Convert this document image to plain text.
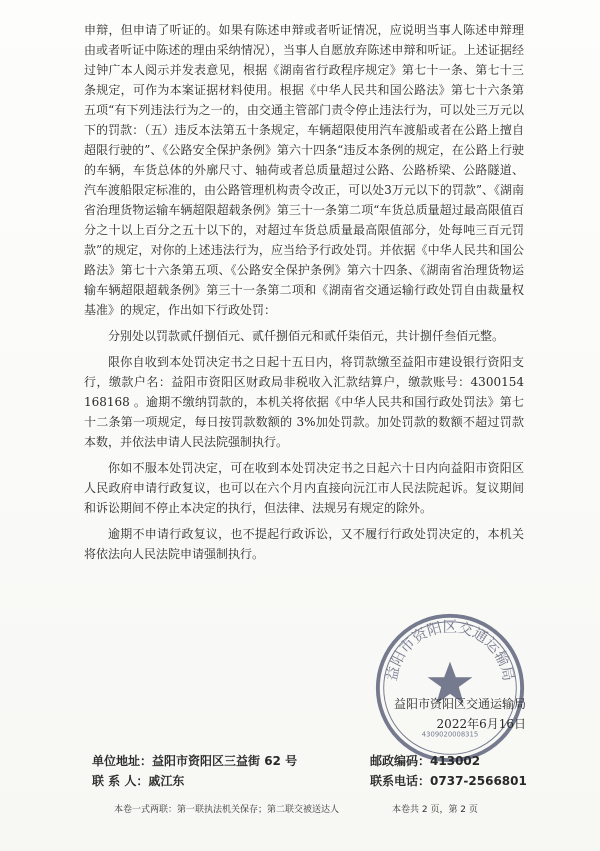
申辩，但申请了听证的。如果有陈述申辩或者听证情况，应说明当事人陈述申辩理由或者听证中陈述的理由采纳情况），当事人自愿放弃陈述申辩和听证。上述证据经过钟广本人阅示并发表意见，根据《湖南省行政程序规定》第七十一条、第七十三条规定，可作为本案证据材料使用。根据《中华人民共和国公路法》第七十六条第五项“有下列违法行为之一的，由交通主管部门责令停止违法行为，可以处三万元以下的罚款：（五）违反本法第五十条规定，车辆超限使用汽车渡船或者在公路上擅自超限行驶的”、《公路安全保护条例》第六十四条“违反本条例的规定，在公路上行驶的车辆，车货总体的外廓尺寸、轴荷或者总质量超过公路、公路桥梁、公路隧道、汽车渡船限定标准的，由公路管理机构责令改正，可以处3万元以下的罚款”、《湖南省治理货物运输车辆超限超载条例》第三十一条第二项“车货总质量超过最高限值百分之十以上百分之五十以下的，对超过车货总质量最高限值部分，处每吨三百元罚款”的规定，对你的上述违法行为，应当给予行政处罚。并依据《中华人民共和国公路法》第七十六条第五项、《公路安全保护条例》第六十四条、《湖南省治理货物运输车辆超限超载条例》第三十一条第二项和《湖南省交通运输行政处罚自由裁量权基准》的规定，作出如下行政处罚：

分别处以罚款贰仟捌佰元、贰仟捌佰元和贰仟柒佰元，共计捌仟叁佰元整。

限你自收到本处罚决定书之日起十五日内，将罚款缴至益阳市建设银行资阳支行，缴款户名：益阳市资阳区财政局非税收入汇款结算户，缴款账号：4300154　　　168168 。逾期不缴纳罚款的，本机关将依据《中华人民共和国行政处罚法》第七十二条第一项规定，每日按罚款数额的 3%加处罚款。加处罚款的数额不超过罚款本数，并依法申请人民法院强制执行。

你如不服本处罚决定，可在收到本处罚决定书之日起六十日内向益阳市资阳区人民政府申请行政复议，也可以在六个月内直接向沅江市人民法院起诉。复议期间和诉讼期间不停止本决定的执行，但法律、法规另有规定的除外。

逾期不申请行政复议，也不提起行政诉讼，又不履行行政处罚决定的，本机关将依法向人民法院申请强制执行。

益阳市资阳区交通运输局
4309020008315
益阳市资阳区交通运输局
2022年6月16日
单位地址：益阳市资阳区三益街 62 号	邮政编码：413002
联 系 人：戚江东	联系电话：0737-2566801
本卷一式两联：第一联执法机关保存；第二联交被送达人	本卷共 2 页，第 2 页
